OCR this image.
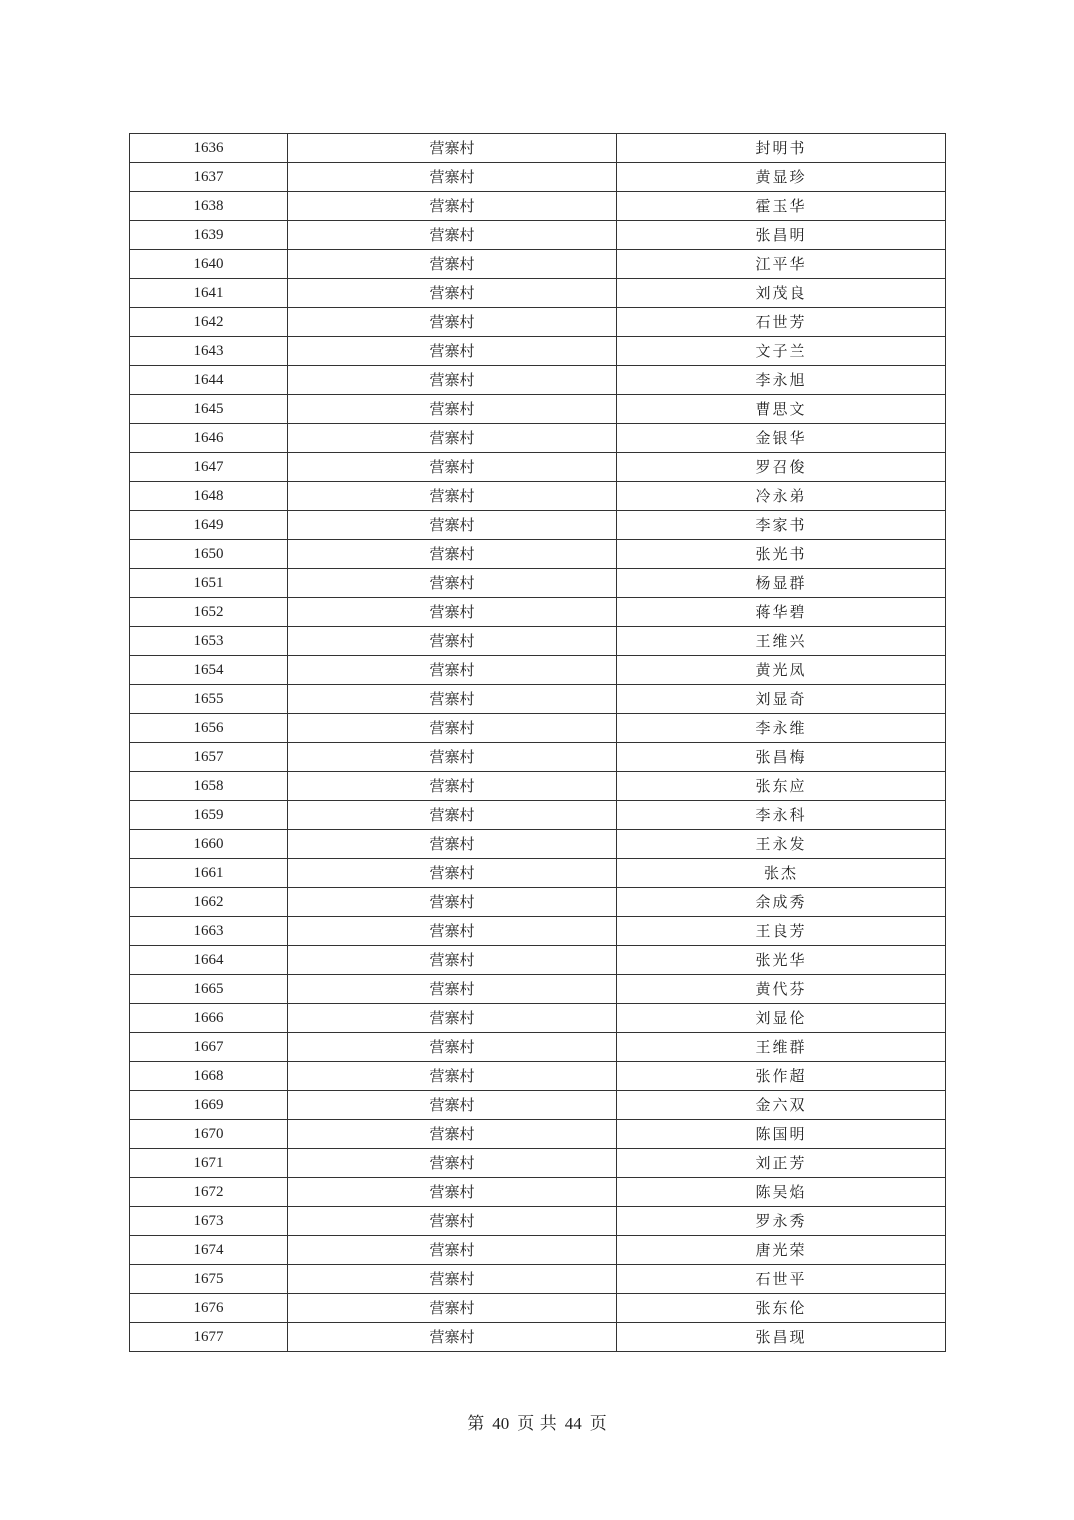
1636	营寨村	封明书
1637	营寨村	黄显珍
1638	营寨村	霍玉华
1639	营寨村	张昌明
1640	营寨村	江平华
1641	营寨村	刘茂良
1642	营寨村	石世芳
1643	营寨村	文子兰
1644	营寨村	李永旭
1645	营寨村	曹思文
1646	营寨村	金银华
1647	营寨村	罗召俊
1648	营寨村	冷永弟
1649	营寨村	李家书
1650	营寨村	张光书
1651	营寨村	杨显群
1652	营寨村	蒋华碧
1653	营寨村	王维兴
1654	营寨村	黄光凤
1655	营寨村	刘显奇
1656	营寨村	李永维
1657	营寨村	张昌梅
1658	营寨村	张东应
1659	营寨村	李永科
1660	营寨村	王永发
1661	营寨村	张杰
1662	营寨村	余成秀
1663	营寨村	王良芳
1664	营寨村	张光华
1665	营寨村	黄代芬
1666	营寨村	刘显伦
1667	营寨村	王维群
1668	营寨村	张作超
1669	营寨村	金六双
1670	营寨村	陈国明
1671	营寨村	刘正芳
1672	营寨村	陈吴焰
1673	营寨村	罗永秀
1674	营寨村	唐光荣
1675	营寨村	石世平
1676	营寨村	张东伦
1677	营寨村	张昌现
第 40 页 共 44 页
